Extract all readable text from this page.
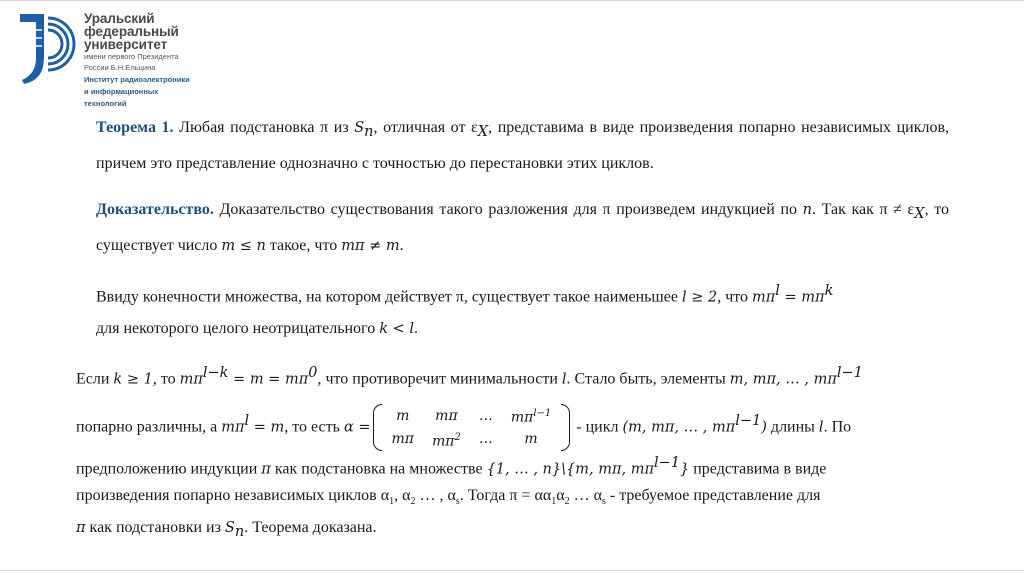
Уральский
федеральный
университет
имени первого Президента
России Б.Н.Ельцина
Институт радиоэлектроники
и информационных
технологий
Теорема 1. Любая подстановка π из $S_n$, отличная от $\varepsilon_X$, представима в виде произведения попарно независимых циклов, причем это представление однозначно с точностью до перестановки этих циклов.
Доказательство. Доказательство существования такого разложения для π произведем индукцией по n. Так как $\pi \ne \varepsilon_X$, то существует число m ≤ n такое, что mπ ≠ m.
Ввиду конечности множества, на котором действует π, существует такое наименьшее l ≥ 2, что $m\pi^l = m\pi^k$
для некоторого целого неотрицательного k < l.
Если k ≥ 1, то $m\pi^{l-k} = m = m\pi^0$, что противоречит минимальности l. Стало быть, элементы m, mπ, … , $m\pi^{l-1}$
попарно различны, а $m\pi^l = m$, то есть α =
m	mπ	…	$m\pi^{l-1}$
mπ	$m\pi^2$	…	m
- цикл (m, mπ, … , $m\pi^{l-1}$) длины l. По
предположению индукции π как подстановка на множестве {1, … , n}\{m, mπ, $m\pi^{l-1}$} представима в виде
произведения попарно независимых циклов $\alpha_1$, $\alpha_2$ … , $\alpha_s$. Тогда $\pi = \alpha\alpha_1\alpha_2$ … $\alpha_s$ - требуемое представление для
π как подстановки из $S_n$. Теорема доказана.
